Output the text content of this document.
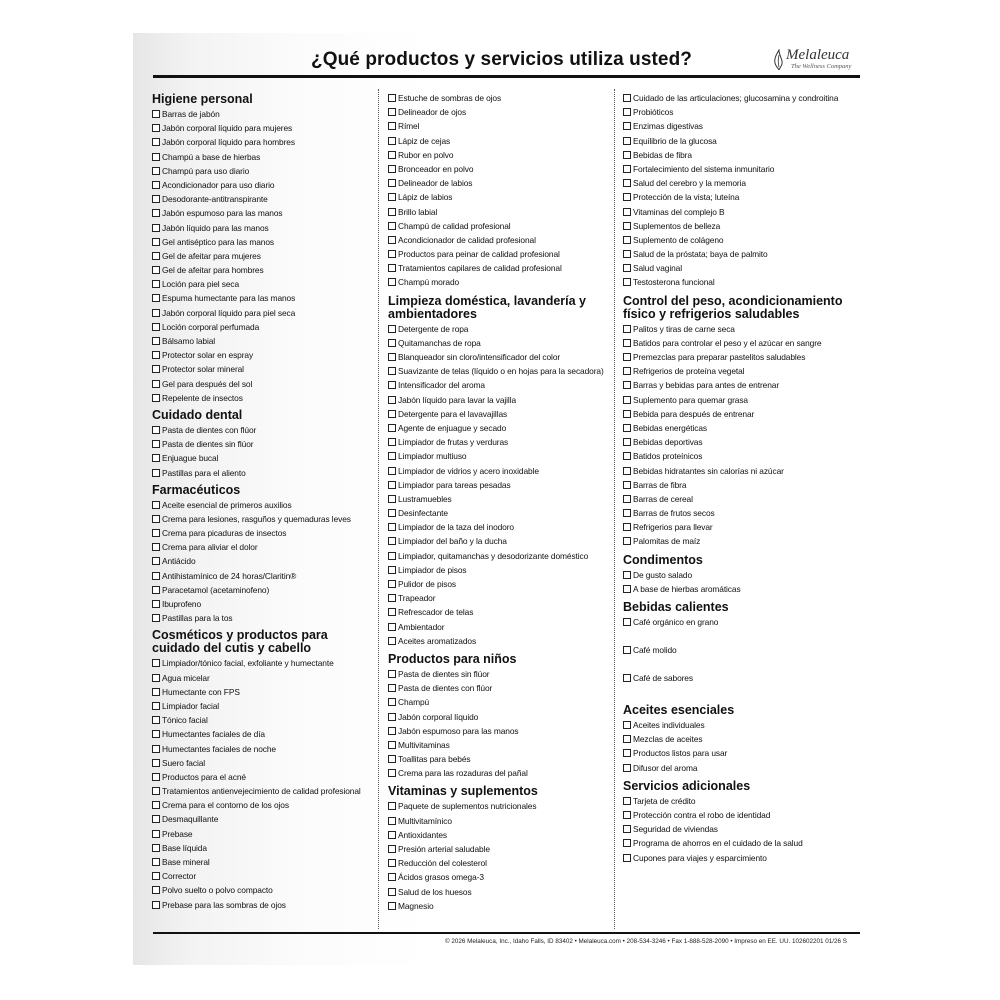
¿Qué productos y servicios utiliza usted?	Melaleuca
The Wellness Company
Higiene personal
Barras de jabón
Jabón corporal líquido para mujeres
Jabón corporal líquido para hombres
Champú a base de hierbas
Champú para uso diario
Acondicionador para uso diario
Desodorante-antitranspirante
Jabón espumoso para las manos
Jabón líquido para las manos
Gel antiséptico para las manos
Gel de afeitar para mujeres
Gel de afeitar para hombres
Loción para piel seca
Espuma humectante para las manos
Jabón corporal líquido para piel seca
Loción corporal perfumada
Bálsamo labial
Protector solar en espray
Protector solar mineral
Gel para después del sol
Repelente de insectos
Cuidado dental
Pasta de dientes con flúor
Pasta de dientes sin flúor
Enjuague bucal
Pastillas para el aliento
Farmacéuticos
Aceite esencial de primeros auxilios
Crema para lesiones, rasguños y quemaduras leves
Crema para picaduras de insectos
Crema para aliviar el dolor
Antiácido
Antihistamínico de 24 horas/Claritin®
Paracetamol (acetaminofeno)
Ibuprofeno
Pastillas para la tos
Cosméticos y productos para cuidado del cutis y cabello
Limpiador/tónico facial, exfoliante y humectante
Agua micelar
Humectante con FPS
Limpiador facial
Tónico facial
Humectantes faciales de día
Humectantes faciales de noche
Suero facial
Productos para el acné
Tratamientos antienvejecimiento de calidad profesional
Crema para el contorno de los ojos
Desmaquillante
Prebase
Base líquida
Base mineral
Corrector
Polvo suelto o polvo compacto
Prebase para las sombras de ojos
Estuche de sombras de ojos
Delineador de ojos
Rímel
Lápiz de cejas
Rubor en polvo
Bronceador en polvo
Delineador de labios
Lápiz de labios
Brillo labial
Champú de calidad profesional
Acondicionador de calidad profesional
Productos para peinar de calidad profesional
Tratamientos capilares de calidad profesional
Champú morado
Limpieza doméstica, lavandería y ambientadores
Detergente de ropa
Quitamanchas de ropa
Blanqueador sin cloro/intensificador del color
Suavizante de telas (líquido o en hojas para la secadora)
Intensificador del aroma
Jabón líquido para lavar la vajilla
Detergente para el lavavajillas
Agente de enjuague y secado
Limpiador de frutas y verduras
Limpiador multiuso
Limpiador de vidrios y acero inoxidable
Limpiador para tareas pesadas
Lustramuebles
Desinfectante
Limpiador de la taza del inodoro
Limpiador del baño y la ducha
Limpiador, quitamanchas y desodorizante doméstico
Limpiador de pisos
Pulidor de pisos
Trapeador
Refrescador de telas
Ambientador
Aceites aromatizados
Productos para niños
Pasta de dientes sin flúor
Pasta de dientes con flúor
Champú
Jabón corporal líquido
Jabón espumoso para las manos
Multivitaminas
Toallitas para bebés
Crema para las rozaduras del pañal
Vitaminas y suplementos
Paquete de suplementos nutricionales
Multivitamínico
Antioxidantes
Presión arterial saludable
Reducción del colesterol
Ácidos grasos omega-3
Salud de los huesos
Magnesio
Cuidado de las articulaciones; glucosamina y condroitina
Probióticos
Enzimas digestivas
Equilibrio de la glucosa
Bebidas de fibra
Fortalecimiento del sistema inmunitario
Salud del cerebro y la memoria
Protección de la vista; luteína
Vitaminas del complejo B
Suplementos de belleza
Suplemento de colágeno
Salud de la próstata; baya de palmito
Salud vaginal
Testosterona funcional
Control del peso, acondicionamiento físico y refrigerios saludables
Palitos y tiras de carne seca
Batidos para controlar el peso y el azúcar en sangre
Premezclas para preparar pastelitos saludables
Refrigerios de proteína vegetal
Barras y bebidas para antes de entrenar
Suplemento para quemar grasa
Bebida para después de entrenar
Bebidas energéticas
Bebidas deportivas
Batidos proteínicos
Bebidas hidratantes sin calorías ni azúcar
Barras de fibra
Barras de cereal
Barras de frutos secos
Refrigerios para llevar
Palomitas de maíz
Condimentos
De gusto salado
A base de hierbas aromáticas
Bebidas calientes
Café orgánico en grano
Café molido
Café de sabores
Aceites esenciales
Aceites individuales
Mezclas de aceites
Productos listos para usar
Difusor del aroma
Servicios adicionales
Tarjeta de crédito
Protección contra el robo de identidad
Seguridad de viviendas
Programa de ahorros en el cuidado de la salud
Cupones para viajes y esparcimiento
© 2026 Melaleuca, Inc., Idaho Falls, ID 83402 • Melaleuca.com • 208-534-3246 • Fax 1-888-528-2090 • Impreso en EE. UU. 102602201 01/26 S
